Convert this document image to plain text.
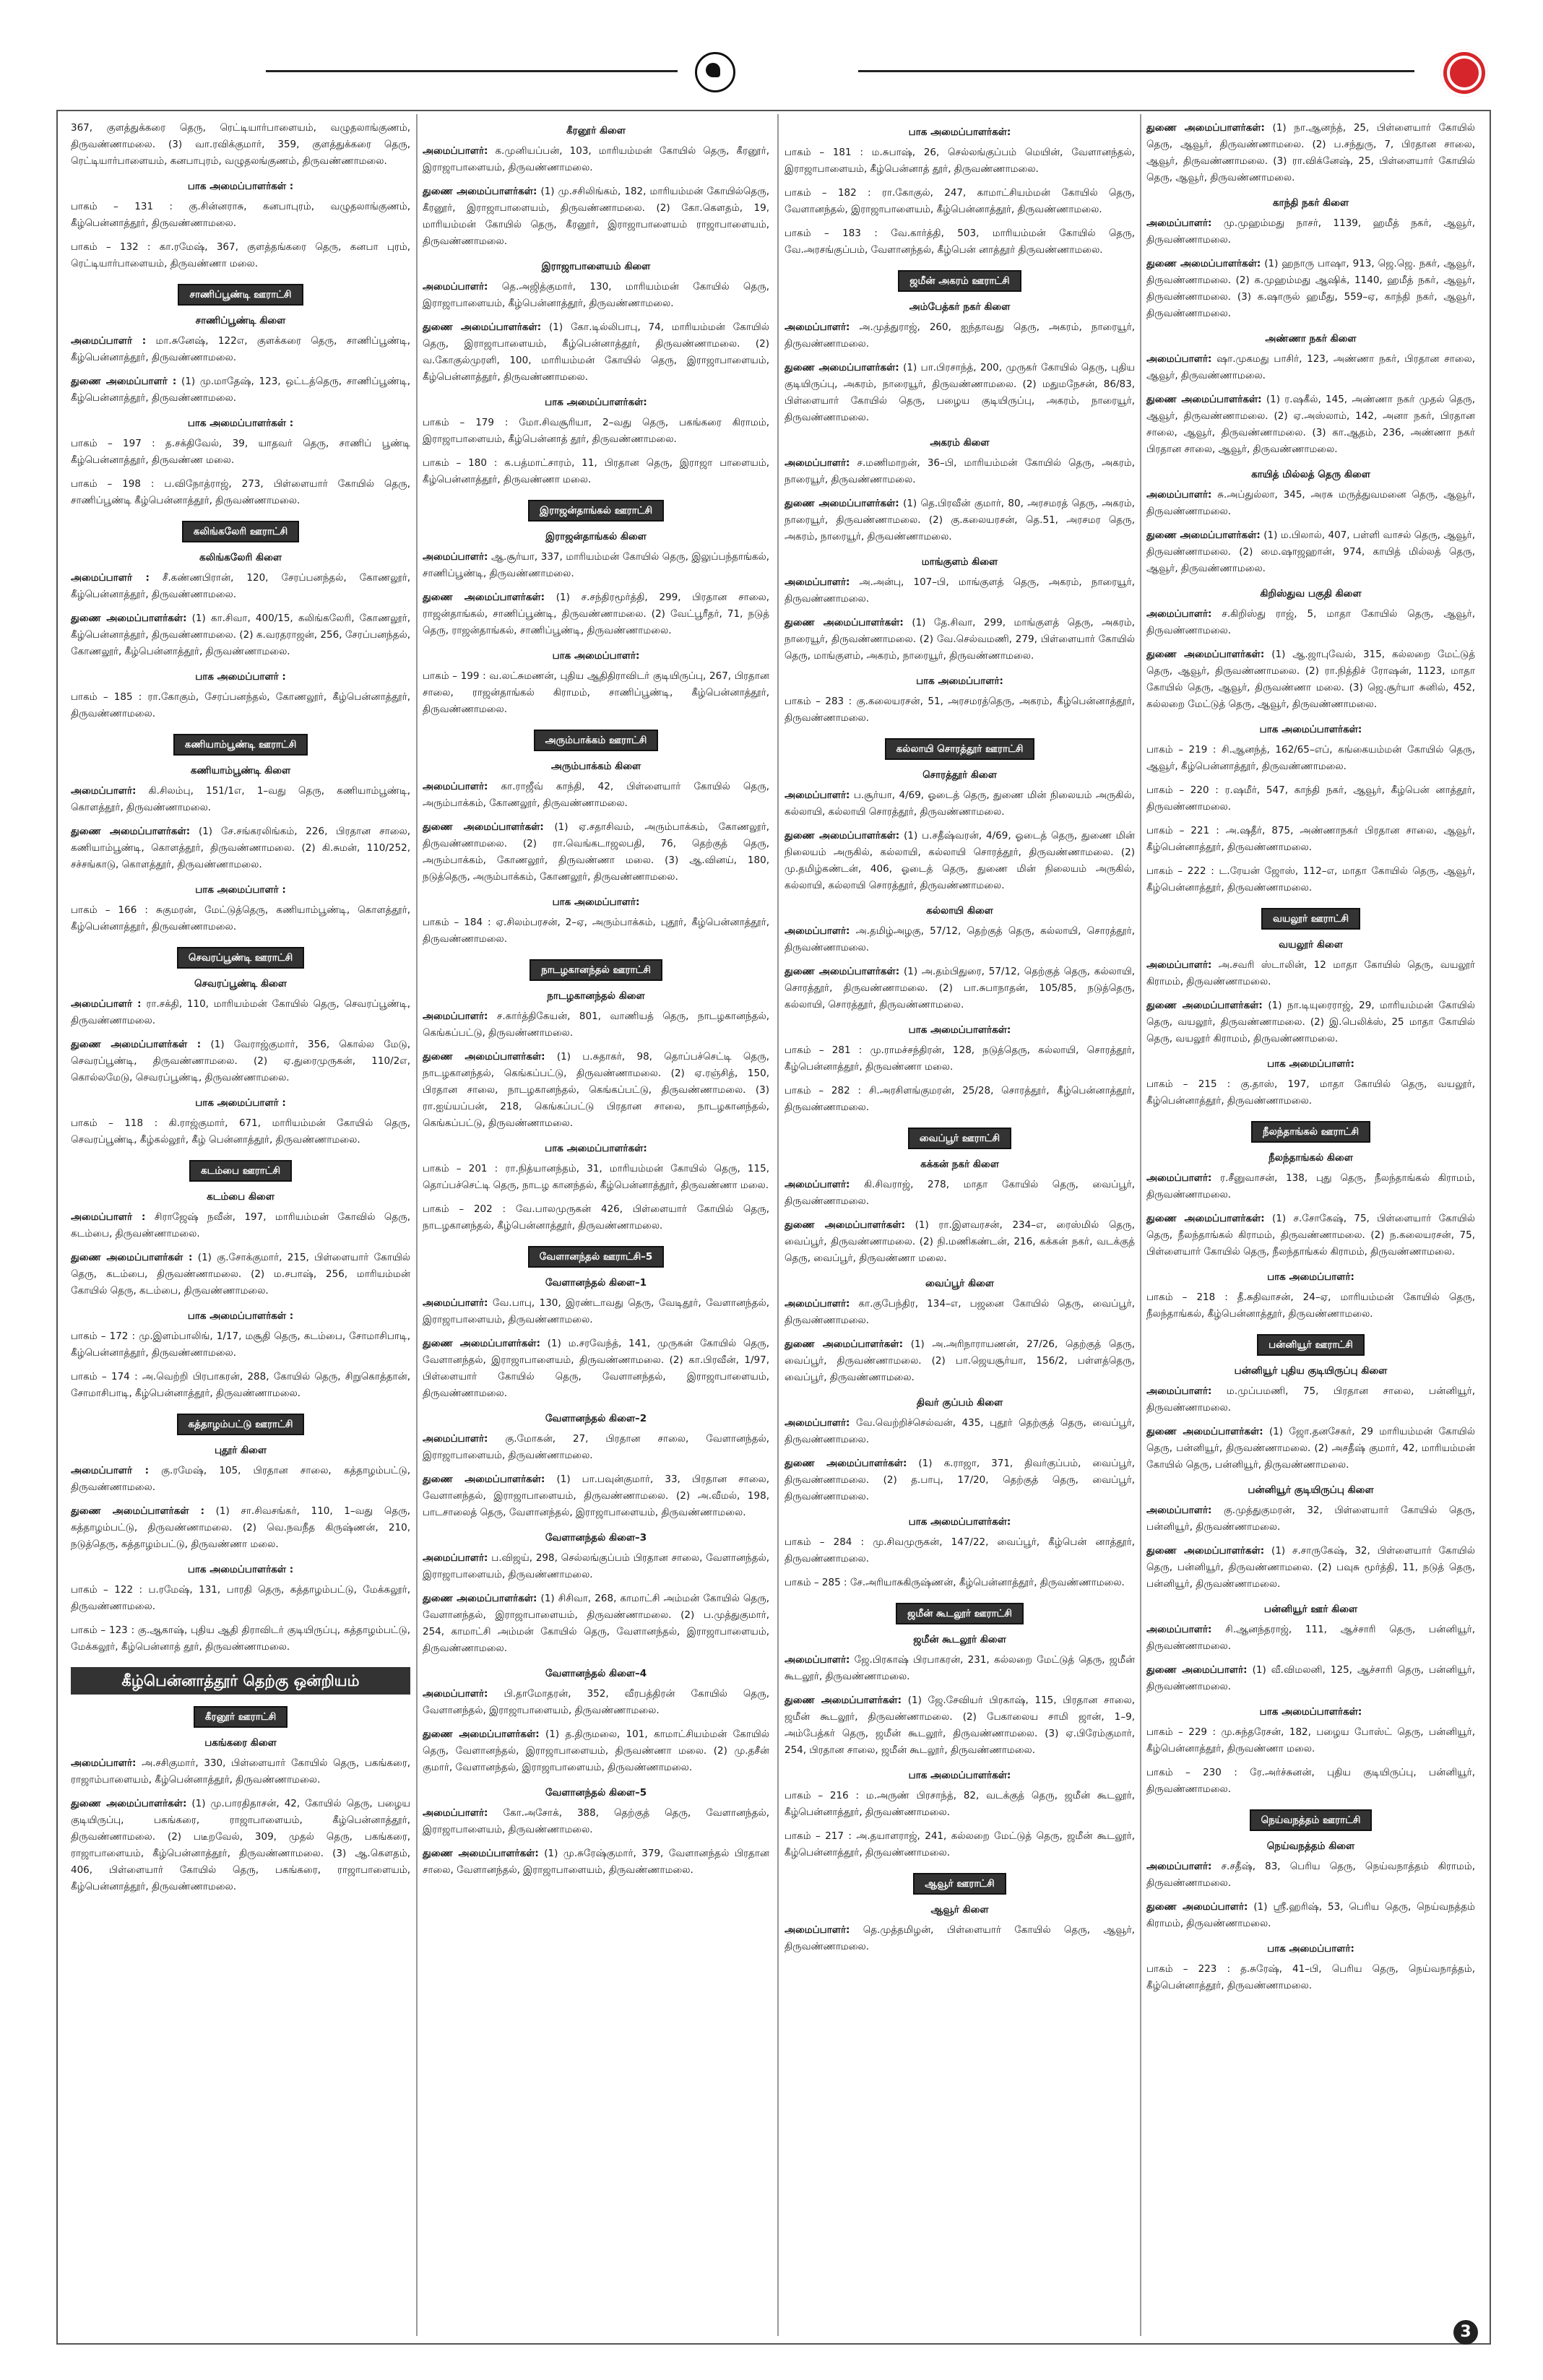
367, குளத்துக்கரை தெரு, ரெட்டியார்பாளையம், வழுதலாங்குணம், திருவண்ணாமலை. (3) வா.ரவிக்குமார், 359, குளத்துக்கரை தெரு, ரெட்டியார்பாளையம், கனபாபுரம், வழுதலங்குணம், திருவண்ணாமலை.
பாக அமைப்பாளர்கள் :
பாகம் – 131 : கு.சின்னராசு, கனபாபுரம், வழுதலாங்குணம், கீழ்பென்னாத்தூர், திருவண்ணாமலை.
பாகம் – 132 : கா.ரமேஷ், 367, குளத்தங்கரை தெரு, கனபா புரம், ரெட்டியார்பாளையம், திருவண்ணா மலை.
சாணிப்பூண்டி ஊராட்சி
சாணிப்பூண்டி கிளை
அமைப்பாளர் : மா.சுனேஷ், 122எ, குளக்கரை தெரு, சாணிப்பூண்டி, கீழ்பென்னாத்தூர், திருவண்ணாமலை.
துணை அமைப்பாளர் : (1) மு.மாதேஷ், 123, ஒட்டத்தெரு, சாணிப்பூண்டி, கீழ்பென்னாத்தூர், திருவண்ணாமலை.
பாக அமைப்பாளர்கள் :
பாகம் – 197 : த.சக்திவேல், 39, யாதவர் தெரு, சாணிப் பூண்டி கீழ்பென்னாத்தூர், திருவண்ண மலை.
பாகம் – 198 : ப.விநோத்ராஜ், 273, பிள்ளையார் கோயில் தெரு, சாணிப்பூண்டி கீழ்பென்னாத்தூர், திருவண்ணாமலை.
கலிங்கலேரி ஊராட்சி
கலிங்கலேரி கிளை
அமைப்பாளர் : சீ.கண்ணபிரான், 120, சேரப்பனந்தல், கோணலூர், கீழ்பென்னாத்தூர், திருவண்ணாமலை.
துணை அமைப்பாளர்கள்: (1) கா.சிவா, 400/15, கலிங்கலேரி, கோணலூர், கீழ்பென்னாத்தூர், திருவண்ணாமலை. (2) க.வரதராஜன், 256, சேரப்பனந்தல், கோணலூர், கீழ்பென்னாத்தூர், திருவண்ணாமலை.
பாக அமைப்பாளர் :
பாகம் – 185 : ரா.கோகும், சேரப்பனந்தல், கோணலூர், கீழ்பென்னாத்தூர், திருவண்ணாமலை.
கணியாம்பூண்டி ஊராட்சி
கணியாம்பூண்டி கிளை
அமைப்பாளர்: கி.சிலம்பு, 151/1எ, 1–வது தெரு, கணியாம்பூண்டி, கொளத்தூர், திருவண்ணாமலை.
துணை அமைப்பாளர்கள்: (1) சே.சங்கரலிங்கம், 226, பிரதான சாலை, கணியாம்பூண்டி, கொளத்தூர், திருவண்ணாமலை. (2) கி.சுமன், 110/252, சச்சங்காடு, கொளத்தூர், திருவண்ணாமலை.
பாக அமைப்பாளர் :
பாகம் – 166 : சுகுமரன், மேட்டுத்தெரு, கணியாம்பூண்டி, கொளத்தூர், கீழ்பென்னாத்தூர், திருவண்ணாமலை.
செவரப்பூண்டி ஊராட்சி
செவரப்பூண்டி கிளை
அமைப்பாளர் : ரா.சக்தி, 110, மாரியம்மன் கோயில் தெரு, செவரப்பூண்டி, திருவண்ணாமலை.
துணை அமைப்பாளர்கள் : (1) வேராஜ்குமார், 356, கொல்ல மேடு, செவரப்பூண்டி, திருவண்ணாமலை. (2) ஏ.துரைமுருகன், 110/2எ, கொல்லமேடு, செவரப்பூண்டி, திருவண்ணாமலை.
பாக அமைப்பாளர் :
பாகம் – 118 : கி.ராஜ்குமார், 671, மாரியம்மன் கோயில் தெரு, செவரப்பூண்டி, கீழ்கல்லூர், கீழ் பென்னாத்தூர், திருவண்ணாமலை.
கடம்பை ஊராட்சி
கடம்பை கிளை
அமைப்பாளர் : சிராஜேஷ் நவீன், 197, மாரியம்மன் கோவில் தெரு, கடம்பை, திருவண்ணாமலை.
துணை அமைப்பாளர்கள் : (1) கு.சோக்குமார், 215, பிள்ளையார் கோயில் தெரு, கடம்பை, திருவண்ணாமலை. (2) ம.சபாஷ், 256, மாரியம்மன் கோயில் தெரு, கடம்பை, திருவண்ணாமலை.
பாக அமைப்பாளர்கள் :
பாகம் – 172 : மு.இளம்பாலிங், 1/17, மசூதி தெரு, கடம்பை, சோமாசிபாடி, கீழ்பென்னாத்தூர், திருவண்ணாமலை.
பாகம் – 174 : அ.வெற்றி பிரபாகரன், 288, கோயில் தெரு, சிறுகொத்தான், சோமாசிபாடி, கீழ்பென்னாத்தூர், திருவண்ணாமலை.
கத்தாழம்பட்டு ஊராட்சி
புதூர் கிளை
அமைப்பாளர் : கு.ரமேஷ், 105, பிரதான சாலை, கத்தாழம்பட்டு, திருவண்ணாமலை.
துணை அமைப்பாளர்கள் : (1) சா.சிவசங்கர், 110, 1–வது தெரு, கத்தாழம்பட்டு, திருவண்ணாமலை. (2) வெ.நவநீத கிருஷ்ணன், 210, நடுத்தெரு, கத்தாழம்பட்டு, திருவண்ணா மலை.
பாக அமைப்பாளர்கள் :
பாகம் – 122 : ப.ரமேஷ், 131, பாரதி தெரு, கத்தாழம்பட்டு, மேக்கலூர், திருவண்ணாமலை.
பாகம் – 123 : கு.ஆகாஷ், புதிய ஆதி திராவிடர் குடியிருப்பு, கத்தாழம்பட்டு, மேக்கலூர், கீழ்பென்னாத் தூர், திருவண்ணாமலை.
கீழ்பென்னாத்தூர் தெற்கு ஒன்றியம்
கீரனூர் ஊராட்சி
பகங்கரை கிளை
அமைப்பாளர்: அ.சசிகுமார், 330, பிள்ளையார் கோயில் தெரு, பகங்கரை, ராஜாம்பாளையம், கீழ்பென்னாத்தூர், திருவண்ணாமலை.
துணை அமைப்பாளர்கள்: (1) மு.பாரதிதாசன், 42, கோயில் தெரு, பழைய குடியிருப்பு, பகங்கரை, ராஜாபாளையம், கீழ்பென்னாத்தூர், திருவண்ணாமலை. (2) படீறவேல், 309, முதல் தெரு, பகங்கரை, ராஜாபாளையம், கீழ்பென்னாத்தூர், திருவண்ணாமலை. (3) ஆ.கௌதம், 406, பிள்ளையார் கோயில் தெரு, பகங்கரை, ராஜாபாளையம், கீழ்பென்னாத்தூர், திருவண்ணாமலை.
கீரனூர் கிளை
அமைப்பாளர்: க.முனியப்பன், 103, மாரியம்மன் கோயில் தெரு, கீரனூர், இராஜாபாளையம், திருவண்ணாமலை.
துணை அமைப்பாளர்கள்: (1) மு.சசிலிங்கம், 182, மாரியம்மன் கோயில்தெரு, கீரனூர், இராஜாபாளையம், திருவண்ணாமலை. (2) கோ.கௌதம், 19, மாரியம்மன் கோயில் தெரு, கீரனூர், இராஜாபாளையம் ராஜாபாளையம், திருவண்ணாமலை.
இராஜாபாளையம் கிளை
அமைப்பாளர்: தெ.அஜித்குமார், 130, மாரியம்மன் கோயில் தெரு, இராஜாபாளையம், கீழ்பென்னாத்தூர், திருவண்ணாமலை.
துணை அமைப்பாளர்கள்: (1) கோ.டில்லிபாபு, 74, மாரியம்மன் கோயில் தெரு, இராஜாபாளையம், கீழ்பென்னாத்தூர், திருவண்ணாமலை. (2) வ.கோகுல்முரளி, 100, மாரியம்மன் கோயில் தெரு, இராஜாபாளையம், கீழ்பென்னாத்தூர், திருவண்ணாமலை.
பாக அமைப்பாளர்கள்:
பாகம் – 179 : மோ.சிவசூரியா, 2–வது தெரு, பகங்கரை கிராமம், இராஜாபாளையம், கீழ்பென்னாத் தூர், திருவண்ணாமலை.
பாகம் – 180 : க.பத்மாட்சாரம், 11, பிரதான தெரு, இராஜா பாளையம், கீழ்பென்னாத்தூர், திருவண்ணா மலை.
இராஜன்தாங்கல் ஊராட்சி
இராஜன்தாங்கல் கிளை
அமைப்பாளர்: ஆ.சூர்யா, 337, மாரியம்மன் கோயில் தெரு, இலுப்பந்தாங்கல், சாணிப்பூண்டி, திருவண்ணாமலை.
துணை அமைப்பாளர்கள்: (1) ச.சந்திரமூர்த்தி, 299, பிரதான சாலை, ராஜன்தாங்கல், சாணிப்பூண்டி, திருவண்ணாமலை. (2) வேட்பூரீதர், 71, நடுத் தெரு, ராஜன்தாங்கல், சாணிப்பூண்டி, திருவண்ணாமலை.
பாக அமைப்பாளர்:
பாகம் – 199 : வ.லட்சுமணன், புதிய ஆதிதிராவிடர் குடியிருப்பு, 267, பிரதான சாலை, ராஜன்தாங்கல் கிராமம், சாணிப்பூண்டி, கீழ்பென்னாத்தூர், திருவண்ணாமலை.
அரும்பாக்கம் ஊராட்சி
அரும்பாக்கம் கிளை
அமைப்பாளர்: கா.ராஜீவ் காந்தி, 42, பிள்ளையார் கோயில் தெரு, அரும்பாக்கம், கோணலூர், திருவண்ணாமலை.
துணை அமைப்பாளர்கள்: (1) ஏ.சதாசிவம், அரும்பாக்கம், கோணலூர், திருவண்ணாமலை. (2) ரா.வெங்கடாஜலபதி, 76, தெற்குத் தெரு, அரும்பாக்கம், கோணலூர், திருவண்ணா மலை. (3) ஆ.வினய், 180, நடுத்தெரு, அரும்பாக்கம், கோணலூர், திருவண்ணாமலை.
பாக அமைப்பாளர்:
பாகம் – 184 : ஏ.சிலம்பரசன், 2–ஏ, அரும்பாக்கம், புதூர், கீழ்பென்னாத்தூர், திருவண்ணாமலை.
நாடழகானந்தல் ஊராட்சி
நாடழகானந்தல் கிளை
அமைப்பாளர்: ச.கார்த்திகேயன், 801, வாணியத் தெரு, நாடழகானந்தல், கெங்கப்பட்டு, திருவண்ணாமலை.
துணை அமைப்பாளர்கள்: (1) ப.சுதாகர், 98, தொப்பச்செட்டி தெரு, நாடழகானந்தல், கெங்கப்பட்டு, திருவண்ணாமலை. (2) ஏ.ரஞ்சித், 150, பிரதான சாலை, நாடழகானந்தல், கெங்கப்பட்டு, திருவண்ணாமலை. (3) ரா.ஐய்யப்பன், 218, கெங்கப்பட்டு பிரதான சாலை, நாடழகானந்தல், கெங்கப்பட்டு, திருவண்ணாமலை.
பாக அமைப்பாளர்கள்:
பாகம் – 201 : ரா.நித்யானந்தம், 31, மாரியம்மன் கோயில் தெரு, 115, தொப்பச்செட்டி தெரு, நாடழ கானந்தல், கீழ்பென்னாத்தூர், திருவண்ணா மலை.
பாகம் – 202 : வே.பாலமுருகன் 426, பிள்ளையார் கோயில் தெரு, நாடழகானந்தல், கீழ்பென்னாத்தூர், திருவண்ணாமலை.
வேளானந்தல் ஊராட்சி–5
வேளானந்தல் கிளை–1
அமைப்பாளர்: வே.பாபு, 130, இரண்டாவது தெரு, வேடிதூர், வேளானந்தல், இராஜாபாளையம், திருவண்ணாமலை.
துணை அமைப்பாளர்கள்: (1) ம.சரவேந்த், 141, முருகன் கோயில் தெரு, வேளானந்தல், இராஜாபாளையம், திருவண்ணாமலை. (2) கா.பிரவீன், 1/97, பிள்ளையார் கோயில் தெரு, வேளானந்தல், இராஜாபாளையம், திருவண்ணாமலை.
வேளானந்தல் கிளை–2
அமைப்பாளர்: கு.மோகன், 27, பிரதான சாலை, வேளானந்தல், இராஜாபாளையம், திருவண்ணாமலை.
துணை அமைப்பாளர்கள்: (1) பா.பவுன்குமார், 33, பிரதான சாலை, வேளானந்தல், இராஜாபாளையம், திருவண்ணாமலை. (2) அ.வீமல், 198, பாடசாலைத் தெரு, வேளானந்தல், இராஜாபாளையம், திருவண்ணாமலை.
வேளானந்தல் கிளை–3
அமைப்பாளர்: ப.விஜய், 298, செல்லங்குப்பம் பிரதான சாலை, வேளானந்தல், இராஜாபாளையம், திருவண்ணாமலை.
துணை அமைப்பாளர்கள்: (1) சிசிவா, 268, காமாட்சி அம்மன் கோயில் தெரு, வேளானந்தல், இராஜாபாளையம், திருவண்ணாமலை. (2) ப.முத்துகுமார், 254, காமாட்சி அம்மன் கோயில் தெரு, வேளானந்தல், இராஜாபாளையம், திருவண்ணாமலை.
வேளானந்தல் கிளை–4
அமைப்பாளர்: பி.தாமோதரன், 352, வீரபத்திரன் கோயில் தெரு, வேளானந்தல், இராஜாபாளையம், திருவண்ணாமலை.
துணை அமைப்பாளர்கள்: (1) த.திருமலை, 101, காமாட்சியம்மன் கோயில் தெரு, வேளானந்தல், இராஜாபாளையம், திருவண்ணா மலை. (2) மு.தசீன் குமார், வேளானந்தல், இராஜாபாளையம், திருவண்ணாமலை.
வேளானந்தல் கிளை–5
அமைப்பாளர்: கோ.அசோக், 388, தெற்குத் தெரு, வேளானந்தல், இராஜாபாளையம், திருவண்ணாமலை.
துணை அமைப்பாளர்கள்: (1) மு.சுரேஷ்குமார், 379, வேளானந்தல் பிரதான சாலை, வேளானந்தல், இராஜாபாளையம், திருவண்ணாமலை.
பாக அமைப்பாளர்கள்:
பாகம் – 181 : ம.சுபாஷ், 26, செல்லங்குப்பம் மெயின், வேளானந்தல், இராஜாபாளையம், கீழ்பென்னாத் தூர், திருவண்ணாமலை.
பாகம் – 182 : ரா.கோகுல், 247, காமாட்சியம்மன் கோயில் தெரு, வேளானந்தல், இராஜாபாளையம், கீழ்பென்னாத்தூர், திருவண்ணாமலை.
பாகம் – 183 : வே.கார்த்தி, 503, மாரியம்மன் கோயில் தெரு, வே.அரசங்குப்பம், வேளானந்தல், கீழ்பென் னாத்தூர் திருவண்ணாமலை.
ஜமீன் அகரம் ஊராட்சி
அம்பேத்கர் நகர் கிளை
அமைப்பாளர்: அ.முத்துராஜ், 260, ஐந்தாவது தெரு, அகரம், நாரையூர், திருவண்ணாமலை.
துணை அமைப்பாளர்கள்: (1) பா.பிரசாந்த், 200, முருகர் கோயில் தெரு, புதிய குடியிருப்பு, அகரம், நாரையூர், திருவண்ணாமலை. (2) மதுமநேசன், 86/83, பிள்ளையார் கோயில் தெரு, பழைய குடியிருப்பு, அகரம், நாரையூர், திருவண்ணாமலை.
அகரம் கிளை
அமைப்பாளர்: ச.மணிமாறன், 36–பி, மாரியம்மன் கோயில் தெரு, அகரம், நாரையூர், திருவண்ணாமலை.
துணை அமைப்பாளர்கள்: (1) தெ.பிரவீன் குமார், 80, அரசமரத் தெரு, அகரம், நாரையூர், திருவண்ணாமலை. (2) கு.கலையரசன், தெ.51, அரசமர தெரு, அகரம், நாரையூர், திருவண்ணாமலை.
மாங்குளம் கிளை
அமைப்பாளர்: அ.அன்பு, 107–பி, மாங்குளத் தெரு, அகரம், நாரையூர், திருவண்ணாமலை.
துணை அமைப்பாளர்கள்: (1) தே.சிவா, 299, மாங்குளத் தெரு, அகரம், நாரையூர், திருவண்ணாமலை. (2) வே.செல்வமணி, 279, பிள்ளையார் கோயில் தெரு, மாங்குளம், அகரம், நாரையூர், திருவண்ணாமலை.
பாக அமைப்பாளர்:
பாகம் – 283 : கு.கலையரசன், 51, அரசமரத்தெரு, அகரம், கீழ்பென்னாத்தூர், திருவண்ணாமலை.
கல்லாயி சொரத்தூர் ஊராட்சி
சொரத்தூர் கிளை
அமைப்பாளர்: ப.சூர்யா, 4/69, ஓடைத் தெரு, துணை மின் நிலையம் அருகில், கல்லாயி, கல்லாயி சொரத்தூர், திருவண்ணாமலை.
துணை அமைப்பாளர்கள்: (1) ப.சதீஷ்வரன், 4/69, ஓடைத் தெரு, துணை மின் நிலையம் அருகில், கல்லாயி, கல்லாயி சொரத்தூர், திருவண்ணாமலை. (2) மு.தமிழ்கண்டன், 406, ஓடைத் தெரு, துணை மின் நிலையம் அருகில், கல்லாயி, கல்லாயி சொரத்தூர், திருவண்ணாமலை.
கல்லாயி கிளை
அமைப்பாளர்: அ.தமிழ்அழகு, 57/12, தெற்குத் தெரு, கல்லாயி, சொரத்தூர், திருவண்ணாமலை.
துணை அமைப்பாளர்கள்: (1) அ.தம்பிதுரை, 57/12, தெற்குத் தெரு, கல்லாயி, சொரத்தூர், திருவண்ணாமலை. (2) பா.சுபாநாதன், 105/85, நடுத்தெரு, கல்லாயி, சொரத்தூர், திருவண்ணாமலை.
பாக அமைப்பாளர்கள்:
பாகம் – 281 : மு.ராமச்சந்திரன், 128, நடுத்தெரு, கல்லாயி, சொரத்தூர், கீழ்பென்னாத்தூர், திருவண்ணா மலை.
பாகம் – 282 : சி.அரசிளங்குமரன், 25/28, சொரத்தூர், கீழ்பென்னாத்தூர், திருவண்ணாமலை.
வைப்பூர் ஊராட்சி
கக்கன் நகர் கிளை
அமைப்பாளர்: கி.சிவராஜ், 278, மாதா கோயில் தெரு, வைப்பூர், திருவண்ணாமலை.
துணை அமைப்பாளர்கள்: (1) ரா.இளவரசன், 234–எ, ரைஸ்மில் தெரு, வைப்பூர், திருவண்ணாமலை. (2) நி.மணிகண்டன், 216, கக்கன் நகர், வடக்குத் தெரு, வைப்பூர், திருவண்ணா மலை.
வைப்பூர் கிளை
அமைப்பாளர்: கா.குபேந்திர, 134–எ, பஜனை கோயில் தெரு, வைப்பூர், திருவண்ணாமலை.
துணை அமைப்பாளர்கள்: (1) அ.அரிநாராயணன், 27/26, தெற்குத் தெரு, வைப்பூர், திருவண்ணாமலை. (2) பா.ஜெயசூர்யா, 156/2, பள்ளத்தெரு, வைப்பூர், திருவண்ணாமலை.
திவர் குப்பம் கிளை
அமைப்பாளர்: வே.வெற்றிச்செல்வன், 435, புதூர் தெற்குத் தெரு, வைப்பூர், திருவண்ணாமலை.
துணை அமைப்பாளர்கள்: (1) க.ராஜா, 371, திவர்குப்பம், வைப்பூர், திருவண்ணாமலை. (2) த.பாபு, 17/20, தெற்குத் தெரு, வைப்பூர், திருவண்ணாமலை.
பாக அமைப்பாளர்கள்:
பாகம் – 284 : மு.சிவமுருகன், 147/22, வைப்பூர், கீழ்பென் னாத்தூர், திருவண்ணாமலை.
பாகம் – 285 : சே.அரியாசுகிருஷ்ணன், கீழ்பென்னாத்தூர், திருவண்ணாமலை.
ஜமீன் கூடலூர் ஊராட்சி
ஜமீன் கூடலூர் கிளை
அமைப்பாளர்: ஜே.பிரகாஷ் பிரபாகரன், 231, கல்லறை மேட்டுத் தெரு, ஜமீன் கூடலூர், திருவண்ணாமலை.
துணை அமைப்பாளர்கள்: (1) ஜே.சேவியர் பிரகாஷ், 115, பிரதான சாலை, ஜமீன் கூடலூர், திருவண்ணாமலை. (2) பேகாலைய சாமி ஜான், 1–9, அம்பேத்கர் தெரு, ஜமீன் கூடலூர், திருவண்ணாமலை. (3) ஏ.பிரேம்குமார், 254, பிரதான சாலை, ஜமீன் கூடலூர், திருவண்ணாமலை.
பாக அமைப்பாளர்கள்:
பாகம் – 216 : ம.அருண் பிரசாந்த், 82, வடக்குத் தெரு, ஜமீன் கூடலூர், கீழ்பென்னாத்தூர், திருவண்ணாமலை.
பாகம் – 217 : அ.தயாளராஜ், 241, கல்லறை மேட்டுத் தெரு, ஜமீன் கூடலூர், கீழ்பென்னாத்தூர், திருவண்ணாமலை.
ஆவூர் ஊராட்சி
ஆவூர் கிளை
அமைப்பாளர்: தெ.முத்தமிழன், பிள்ளையார் கோயில் தெரு, ஆவூர், திருவண்ணாமலை.
துணை அமைப்பாளர்கள்: (1) நா.ஆனந்த், 25, பிள்ளையார் கோயில் தெரு, ஆவூர், திருவண்ணாமலை. (2) ப.சந்துரு, 7, பிரதான சாலை, ஆவூர், திருவண்ணாமலை. (3) ரா.விக்னேஷ், 25, பிள்ளையார் கோயில் தெரு, ஆவூர், திருவண்ணாமலை.
காந்தி நகர் கிளை
அமைப்பாளர்: மு.முஹம்மது நாசர், 1139, ஹமீத் நகர், ஆவூர், திருவண்ணாமலை.
துணை அமைப்பாளர்கள்: (1) ஹநாரு பாஷா, 913, ஜெ.ஜெ. நகர், ஆவூர், திருவண்ணாமலை. (2) க.முஹம்மது ஆஷிக், 1140, ஹமீத் நகர், ஆவூர், திருவண்ணாமலை. (3) க.ஷாருல் ஹமீது, 559–ஏ, காந்தி நகர், ஆவூர், திருவண்ணாமலை.
அண்ணா நகர் கிளை
அமைப்பாளர்: ஷா.முகமது பாசிர், 123, அண்ணா நகர், பிரதான சாலை, ஆவூர், திருவண்ணாமலை.
துணை அமைப்பாளர்கள்: (1) ர.ஷகீல், 145, அண்ணா நகர் முதல் தெரு, ஆவூர், திருவண்ணாமலை. (2) ஏ.அஸ்லாம், 142, அனா நகர், பிரதான சாலை, ஆவூர், திருவண்ணாமலை. (3) கா.ஆதம், 236, அண்ணா நகர் பிரதான சாலை, ஆவூர், திருவண்ணாமலை.
காயித் மில்லத் தெரு கிளை
அமைப்பாளர்: சு.அப்துல்லா, 345, அரசு மருத்துவமனை தெரு, ஆவூர், திருவண்ணாமலை.
துணை அமைப்பாளர்கள்: (1) ம.பிலால், 407, பள்ளி வாசல் தெரு, ஆவூர், திருவண்ணாமலை. (2) மை.ஷாஜஹான், 974, காயித் மில்லத் தெரு, ஆவூர், திருவண்ணாமலை.
கிறிஸ்துவ பகுதி கிளை
அமைப்பாளர்: ச.கிறிஸ்து ராஜ், 5, மாதா கோயில் தெரு, ஆவூர், திருவண்ணாமலை.
துணை அமைப்பாளர்கள்: (1) ஆ.ஜாபுவேல், 315, கல்லறை மேட்டுத் தெரு, ஆவூர், திருவண்ணாமலை. (2) ரா.நித்திச் ரோஷன், 1123, மாதா கோயில் தெரு, ஆவூர், திருவண்ணா மலை. (3) ஜெ.சூர்யா சுனில், 452, கல்லறை மேட்டுத் தெரு, ஆவூர், திருவண்ணாமலை.
பாக அமைப்பாளர்கள்:
பாகம் – 219 : சி.ஆனந்த், 162/65–எப், கங்கையம்மன் கோயில் தெரு, ஆவூர், கீழ்பென்னாத்தூர், திருவண்ணாமலை.
பாகம் – 220 : ர.ஷமீர், 547, காந்தி நகர், ஆவூர், கீழ்பென் னாத்தூர், திருவண்ணாமலை.
பாகம் – 221 : அ.ஷதீர், 875, அண்ணாநகர் பிரதான சாலை, ஆவூர், கீழ்பென்னாத்தூர், திருவண்ணாமலை.
பாகம் – 222 : ட.ரேயன் ஜோஸ், 112–எ, மாதா கோயில் தெரு, ஆவூர், கீழ்பென்னாத்தூர், திருவண்ணாமலை.
வயலூர் ஊராட்சி
வயலூர் கிளை
அமைப்பாளர்: அ.சவரி ஸ்டாலின், 12 மாதா கோயில் தெரு, வயலூர் கிராமம், திருவண்ணாமலை.
துணை அமைப்பாளர்கள்: (1) நா.டியுரைராஜ், 29, மாரியம்மன் கோயில் தெரு, வயலூர், திருவண்ணாமலை. (2) இ.பெலிக்ஸ், 25 மாதா கோயில் தெரு, வயலூர் கிராமம், திருவண்ணாமலை.
பாக அமைப்பாளர்:
பாகம் – 215 : கு.தாஸ், 197, மாதா கோயில் தெரு, வயலூர், கீழ்பென்னாத்தூர், திருவண்ணாமலை.
நீலந்தாங்கல் ஊராட்சி
நீலந்தாங்கல் கிளை
அமைப்பாளர்: ர.சீனுவாசன், 138, புது தெரு, நீலந்தாங்கல் கிராமம், திருவண்ணாமலை.
துணை அமைப்பாளர்கள்: (1) ச.சோகேஷ், 75, பிள்ளையார் கோயில் தெரு, நீலந்தாங்கல் கிராமம், திருவண்ணாமலை. (2) ந.கலையரசன், 75, பிள்ளையார் கோயில் தெரு, நீலந்தாங்கல் கிராமம், திருவண்ணாமலை.
பாக அமைப்பாளர்:
பாகம் – 218 : தீ.சுதிவாசன், 24–ஏ, மாரியம்மன் கோயில் தெரு, நீலந்தாங்கல், கீழ்பென்னாத்தூர், திருவண்ணாமலை.
பன்னியூர் ஊராட்சி
பன்னியூர் புதிய குடியிருப்பு கிளை
அமைப்பாளர்: ம.முப்பமணி, 75, பிரதான சாலை, பன்னியூர், திருவண்ணாமலை.
துணை அமைப்பாளர்கள்: (1) ஜோ.தனசேகர், 29 மாரியம்மன் கோயில் தெரு, பன்னியூர், திருவண்ணாமலை. (2) அசதீஷ் குமார், 42, மாரியம்மன் கோயில் தெரு, பன்னியூர், திருவண்ணாமலை.
பன்னியூர் குடியிருப்பு கிளை
அமைப்பாளர்: கு.முத்துகுமரன், 32, பிள்ளையார் கோயில் தெரு, பன்னியூர், திருவண்ணாமலை.
துணை அமைப்பாளர்கள்: (1) ச.சாருகேஷ், 32, பிள்ளையார் கோயில் தெரு, பன்னியூர், திருவண்ணாமலை. (2) பவுசு மூர்த்தி, 11, நடுத் தெரு, பன்னியூர், திருவண்ணாமலை.
பன்னியூர் ஊர் கிளை
அமைப்பாளர்: சி.ஆனந்தராஜ், 111, ஆச்சாரி தெரு, பன்னியூர், திருவண்ணாமலை.
துணை அமைப்பாளர்: (1) வீ.விமலனி, 125, ஆச்சாரி தெரு, பன்னியூர், திருவண்ணாமலை.
பாக அமைப்பாளர்கள்:
பாகம் – 229 : மு.சுந்தரேசன், 182, பழைய போஸ்ட் தெரு, பன்னியூர், கீழ்பென்னாத்தூர், திருவண்ணா மலை.
பாகம் – 230 : ரே.அர்ச்சுனன், புதிய குடியிருப்பு, பன்னியூர், திருவண்ணாமலை.
நெய்வநத்தம் ஊராட்சி
நெய்வநத்தம் கிளை
அமைப்பாளர்: ச.சதீஷ், 83, பெரிய தெரு, நெய்வநாத்தம் கிராமம், திருவண்ணாமலை.
துணை அமைப்பாளர்: (1) ஸ்ரீ.ஹரிஷ், 53, பெரிய தெரு, நெய்வநத்தம் கிராமம், திருவண்ணாமலை.
பாக அமைப்பாளர்:
பாகம் – 223 : த.சுரேஷ், 41–பி, பெரிய தெரு, நெய்வநாத்தம், கீழ்பென்னாத்தூர், திருவண்ணாமலை.
3
